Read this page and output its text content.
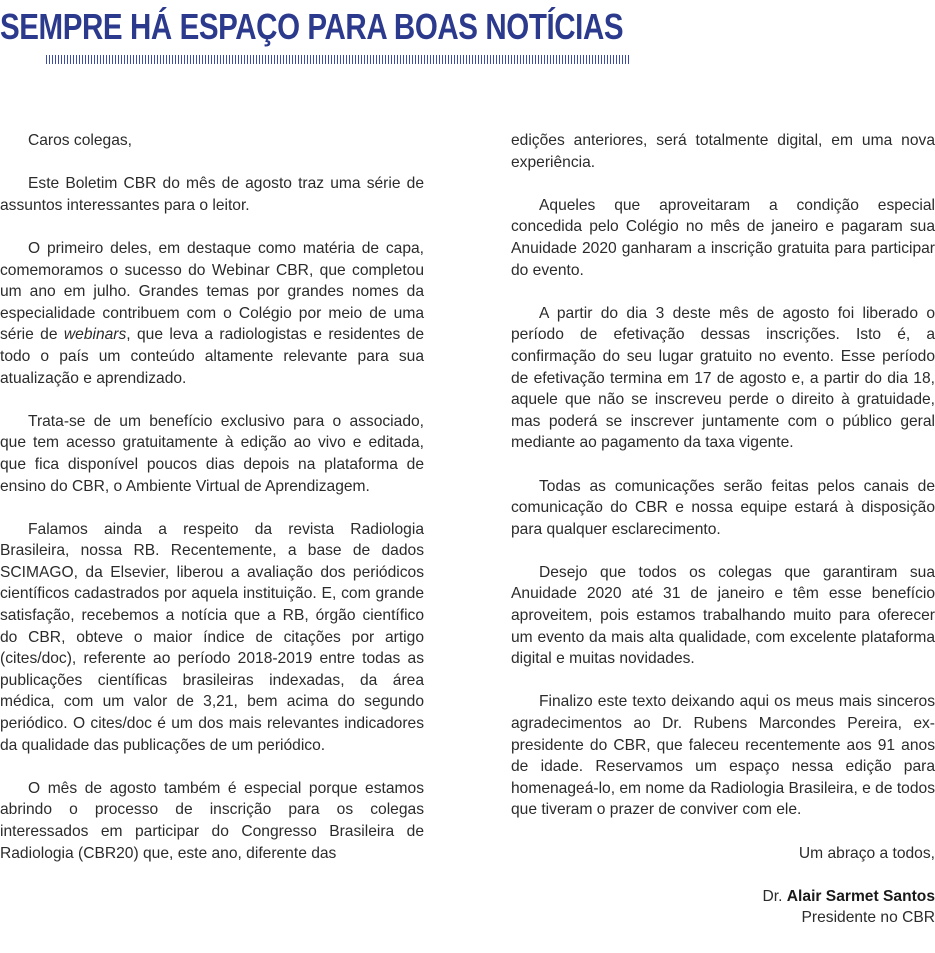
SEMPRE HÁ ESPAÇO PARA BOAS NOTÍCIAS

Caros colegas,

Este Boletim CBR do mês de agosto traz uma série de assuntos interessantes para o leitor.

O primeiro deles, em destaque como matéria de capa, comemoramos o sucesso do Webinar CBR, que completou um ano em julho. Grandes temas por grandes nomes da especialidade contribuem com o Colégio por meio de uma série de webinars, que leva a radiologistas e residentes de todo o país um conteúdo altamente relevante para sua atualização e aprendizado.

Trata-se de um benefício exclusivo para o associado, que tem acesso gratuitamente à edição ao vivo e editada, que fica disponível poucos dias depois na plataforma de ensino do CBR, o Ambiente Virtual de Aprendizagem.

Falamos ainda a respeito da revista Radiologia Brasileira, nossa RB. Recentemente, a base de dados SCIMAGO, da Elsevier, liberou a avaliação dos periódicos científicos cadastrados por aquela instituição. E, com grande satisfação, recebemos a notícia que a RB, órgão científico do CBR, obteve o maior índice de citações por artigo (cites/doc), referente ao período 2018-2019 entre todas as publicações científicas brasileiras indexadas, da área médica, com um valor de 3,21, bem acima do segundo periódico. O cites/doc é um dos mais relevantes indicadores da qualidade das publicações de um periódico.

O mês de agosto também é especial porque estamos abrindo o processo de inscrição para os colegas interessados em participar do Congresso Brasileira de Radiologia (CBR20) que, este ano, diferente das

edições anteriores, será totalmente digital, em uma nova experiência.

Aqueles que aproveitaram a condição especial concedida pelo Colégio no mês de janeiro e pagaram sua Anuidade 2020 ganharam a inscrição gratuita para participar do evento.

A partir do dia 3 deste mês de agosto foi liberado o período de efetivação dessas inscrições. Isto é, a confirmação do seu lugar gratuito no evento. Esse período de efetivação termina em 17 de agosto e, a partir do dia 18, aquele que não se inscreveu perde o direito à gratuidade, mas poderá se inscrever juntamente com o público geral mediante ao pagamento da taxa vigente.

Todas as comunicações serão feitas pelos canais de comunicação do CBR e nossa equipe estará à disposição para qualquer esclarecimento.

Desejo que todos os colegas que garantiram sua Anuidade 2020 até 31 de janeiro e têm esse benefício aproveitem, pois estamos trabalhando muito para oferecer um evento da mais alta qualidade, com excelente plataforma digital e muitas novidades.

Finalizo este texto deixando aqui os meus mais sinceros agradecimentos ao Dr. Rubens Marcondes Pereira, ex-presidente do CBR, que faleceu recentemente aos 91 anos de idade. Reservamos um espaço nessa edição para homenageá-lo, em nome da Radiologia Brasileira, e de todos que tiveram o prazer de conviver com ele.

Um abraço a todos,

Dr. Alair Sarmet Santos

Presidente no CBR
